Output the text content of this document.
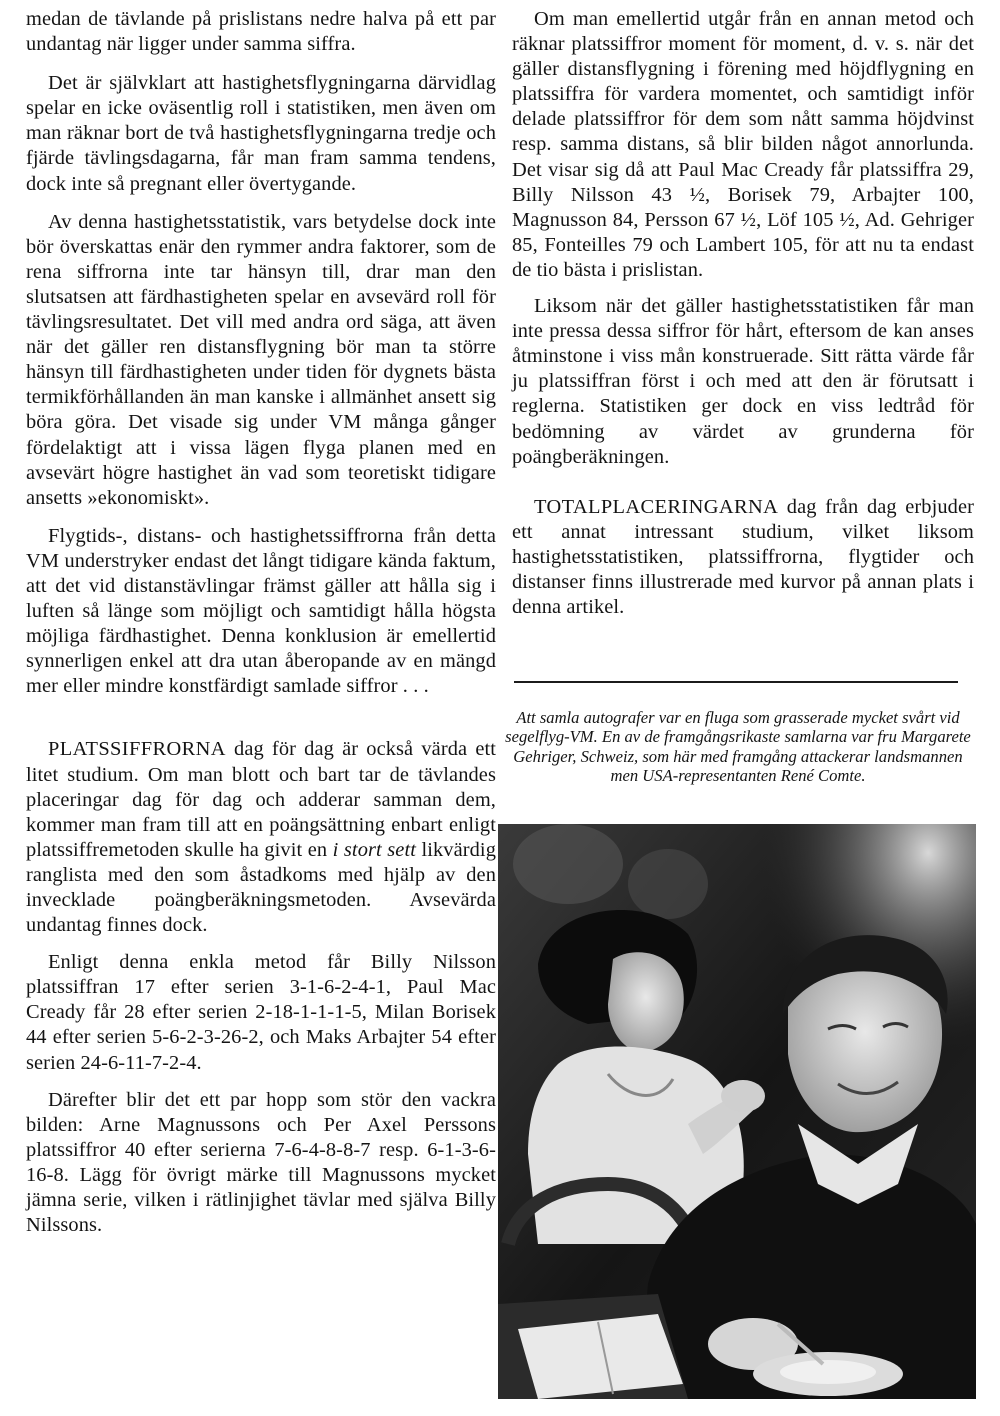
medan de tävlande på prislistans nedre halva på ett par undantag när ligger under samma siffra.

Det är självklart att hastighetsflygningarna därvidlag spelar en icke oväsentlig roll i statistiken, men även om man räknar bort de två hastighetsflygningarna tredje och fjärde tävlingsdagarna, får man fram samma tendens, dock inte så pregnant eller övertygande.

Av denna hastighetsstatistik, vars betydelse dock inte bör överskattas enär den rymmer andra faktorer, som de rena siffrorna inte tar hänsyn till, drar man den slutsatsen att färdhastigheten spelar en avsevärd roll för tävlingsresultatet. Det vill med andra ord säga, att även när det gäller ren distansflygning bör man ta större hänsyn till färdhastigheten under tiden för dygnets bästa termikförhållanden än man kanske i allmänhet ansett sig böra göra. Det visade sig under VM många gånger fördelaktigt att i vissa lägen flyga planen med en avsevärt högre hastighet än vad som teoretiskt tidigare ansetts »ekonomiskt».

Flygtids-, distans- och hastighetssiffrorna från detta VM understryker endast det långt tidigare kända faktum, att det vid distanstävlingar främst gäller att hålla sig i luften så länge som möjligt och samtidigt hålla högsta möjliga färdhastighet. Denna konklusion är emellertid synnerligen enkel att dra utan åberopande av en mängd mer eller mindre konstfärdigt samlade siffror . . .

PLATSSIFFRORNA dag för dag är också värda ett litet studium. Om man blott och bart tar de tävlandes placeringar dag för dag och adderar samman dem, kommer man fram till att en poängsättning enbart enligt platssiffremetoden skulle ha givit en i stort sett likvärdig ranglista med den som åstadkoms med hjälp av den invecklade poängberäkningsmetoden. Avsevärda undantag finnes dock.

Enligt denna enkla metod får Billy Nilsson platssiffran 17 efter serien 3-1-6-2-4-1, Paul Mac Cready får 28 efter serien 2-18-1-1-1-5, Milan Borisek 44 efter serien 5-6-2-3-26-2, och Maks Arbajter 54 efter serien 24-6-11-7-2-4.

Därefter blir det ett par hopp som stör den vackra bilden: Arne Magnussons och Per Axel Perssons platssiffror 40 efter serierna 7-6-4-8-8-7 resp. 6-1-3-6-16-8. Lägg för övrigt märke till Magnussons mycket jämna serie, vilken i rätlinjighet tävlar med själva Billy Nilssons.

Om man emellertid utgår från en annan metod och räknar platssiffror moment för moment, d. v. s. när det gäller distansflygning i förening med höjdflygning en platssiffra för vardera momentet, och samtidigt inför delade platssiffror för dem som nått samma höjdvinst resp. samma distans, så blir bilden något annorlunda. Det visar sig då att Paul Mac Cready får platssiffra 29, Billy Nilsson 43 ½, Borisek 79, Arbajter 100, Magnusson 84, Persson 67 ½, Löf 105 ½, Ad. Gehriger 85, Fonteilles 79 och Lambert 105, för att nu ta endast de tio bästa i prislistan.

Liksom när det gäller hastighetsstatistiken får man inte pressa dessa siffror för hårt, eftersom de kan anses åtminstone i viss mån konstruerade. Sitt rätta värde får ju platssiffran först i och med att den är förutsatt i reglerna. Statistiken ger dock en viss ledtråd för bedömning av värdet av grunderna för poängberäkningen.

TOTALPLACERINGARNA dag från dag erbjuder ett annat intressant studium, vilket liksom hastighetsstatistiken, platssiffrorna, flygtider och distanser finns illustrerade med kurvor på annan plats i denna artikel.

Att samla autografer var en fluga som grasserade mycket svårt vid segelflyg-VM. En av de framgångsrikaste samlarna var fru Margarete Gehriger, Schweiz, som här med framgång attackerar landsmannen men USA-representanten René Comte.
